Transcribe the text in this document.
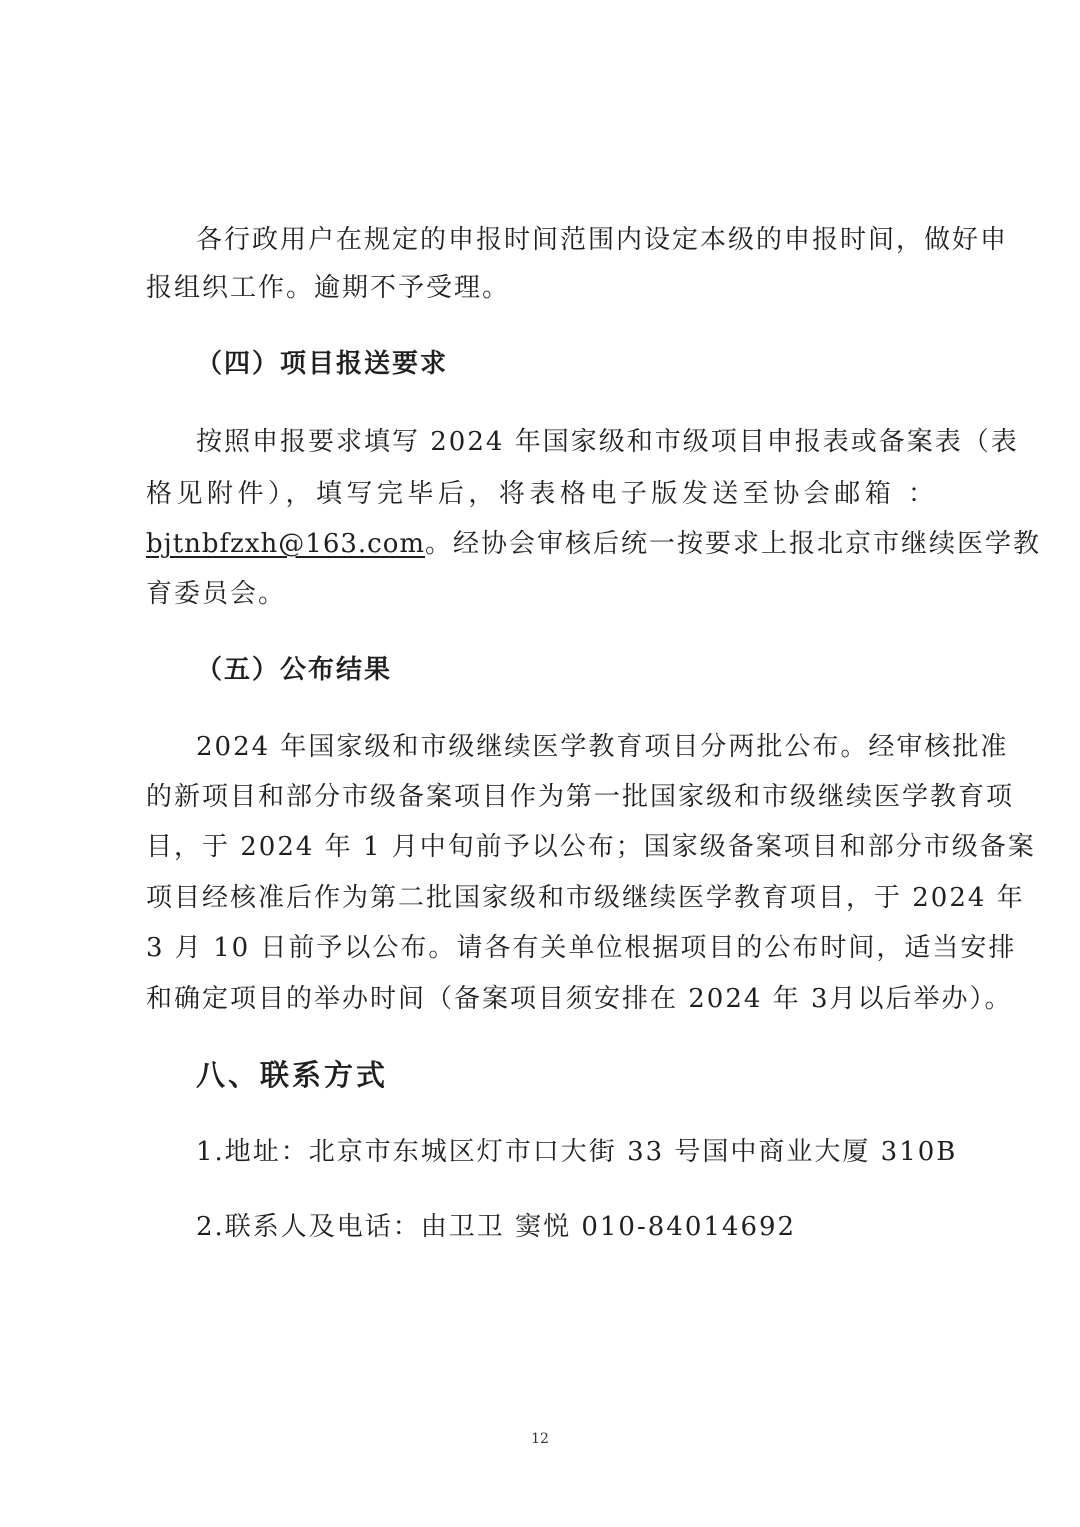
各行政用户在规定的申报时间范围内设定本级的申报时间，做好申
报组织工作。逾期不予受理。
（四）项目报送要求
按照申报要求填写 2024 年国家级和市级项目申报表或备案表（表
格见附件），填写完毕后，将表格电子版发送至协会邮箱 ：
bjtnbfzxh@163.com。经协会审核后统一按要求上报北京市继续医学教
育委员会。
（五）公布结果
2024 年国家级和市级继续医学教育项目分两批公布。经审核批准
的新项目和部分市级备案项目作为第一批国家级和市级继续医学教育项
目，于 2024 年 1 月中旬前予以公布；国家级备案项目和部分市级备案
项目经核准后作为第二批国家级和市级继续医学教育项目，于 2024 年
3 月 10 日前予以公布。请各有关单位根据项目的公布时间，适当安排
和确定项目的举办时间（备案项目须安排在 2024 年 3月以后举办）。
八、联系方式
1.地址：北京市东城区灯市口大街 33 号国中商业大厦 310B
2.联系人及电话：由卫卫 窦悦 010-84014692
12
